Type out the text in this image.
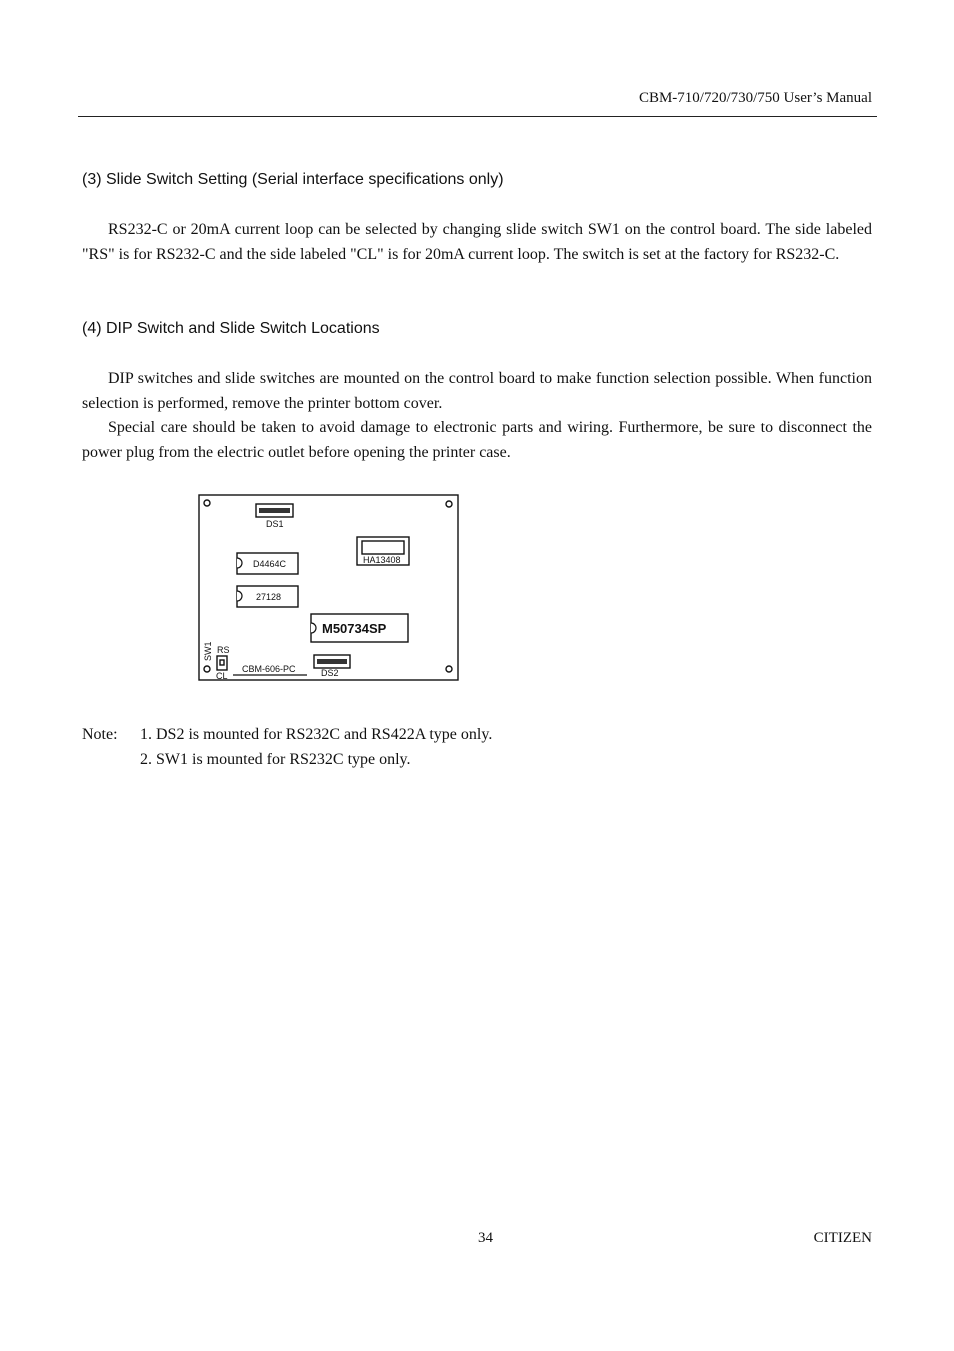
CBM-710/720/730/750 User’s Manual
(3) Slide Switch Setting (Serial interface specifications only)

RS232-C or 20mA current loop can be selected by changing slide switch SW1 on the control board. The side labeled "RS" is for RS232-C and the side labeled "CL" is for 20mA current loop. The switch is set at the factory for RS232-C.

(4) DIP Switch and Slide Switch Locations

DIP switches and slide switches are mounted on the control board to make function selection possible. When function selection is performed, remove the printer bottom cover.

Special care should be taken to avoid damage to electronic parts and wiring. Furthermore, be sure to disconnect the power plug from the electric outlet before opening the printer case.

DS1
D4464C
27128
HA13408
M50734SP
RS
CL
CBM-606-PC	DS2
SW1
Note:	1. DS2 is mounted for RS232C and RS422A type only.
2. SW1 is mounted for RS232C type only.
34	CITIZEN
